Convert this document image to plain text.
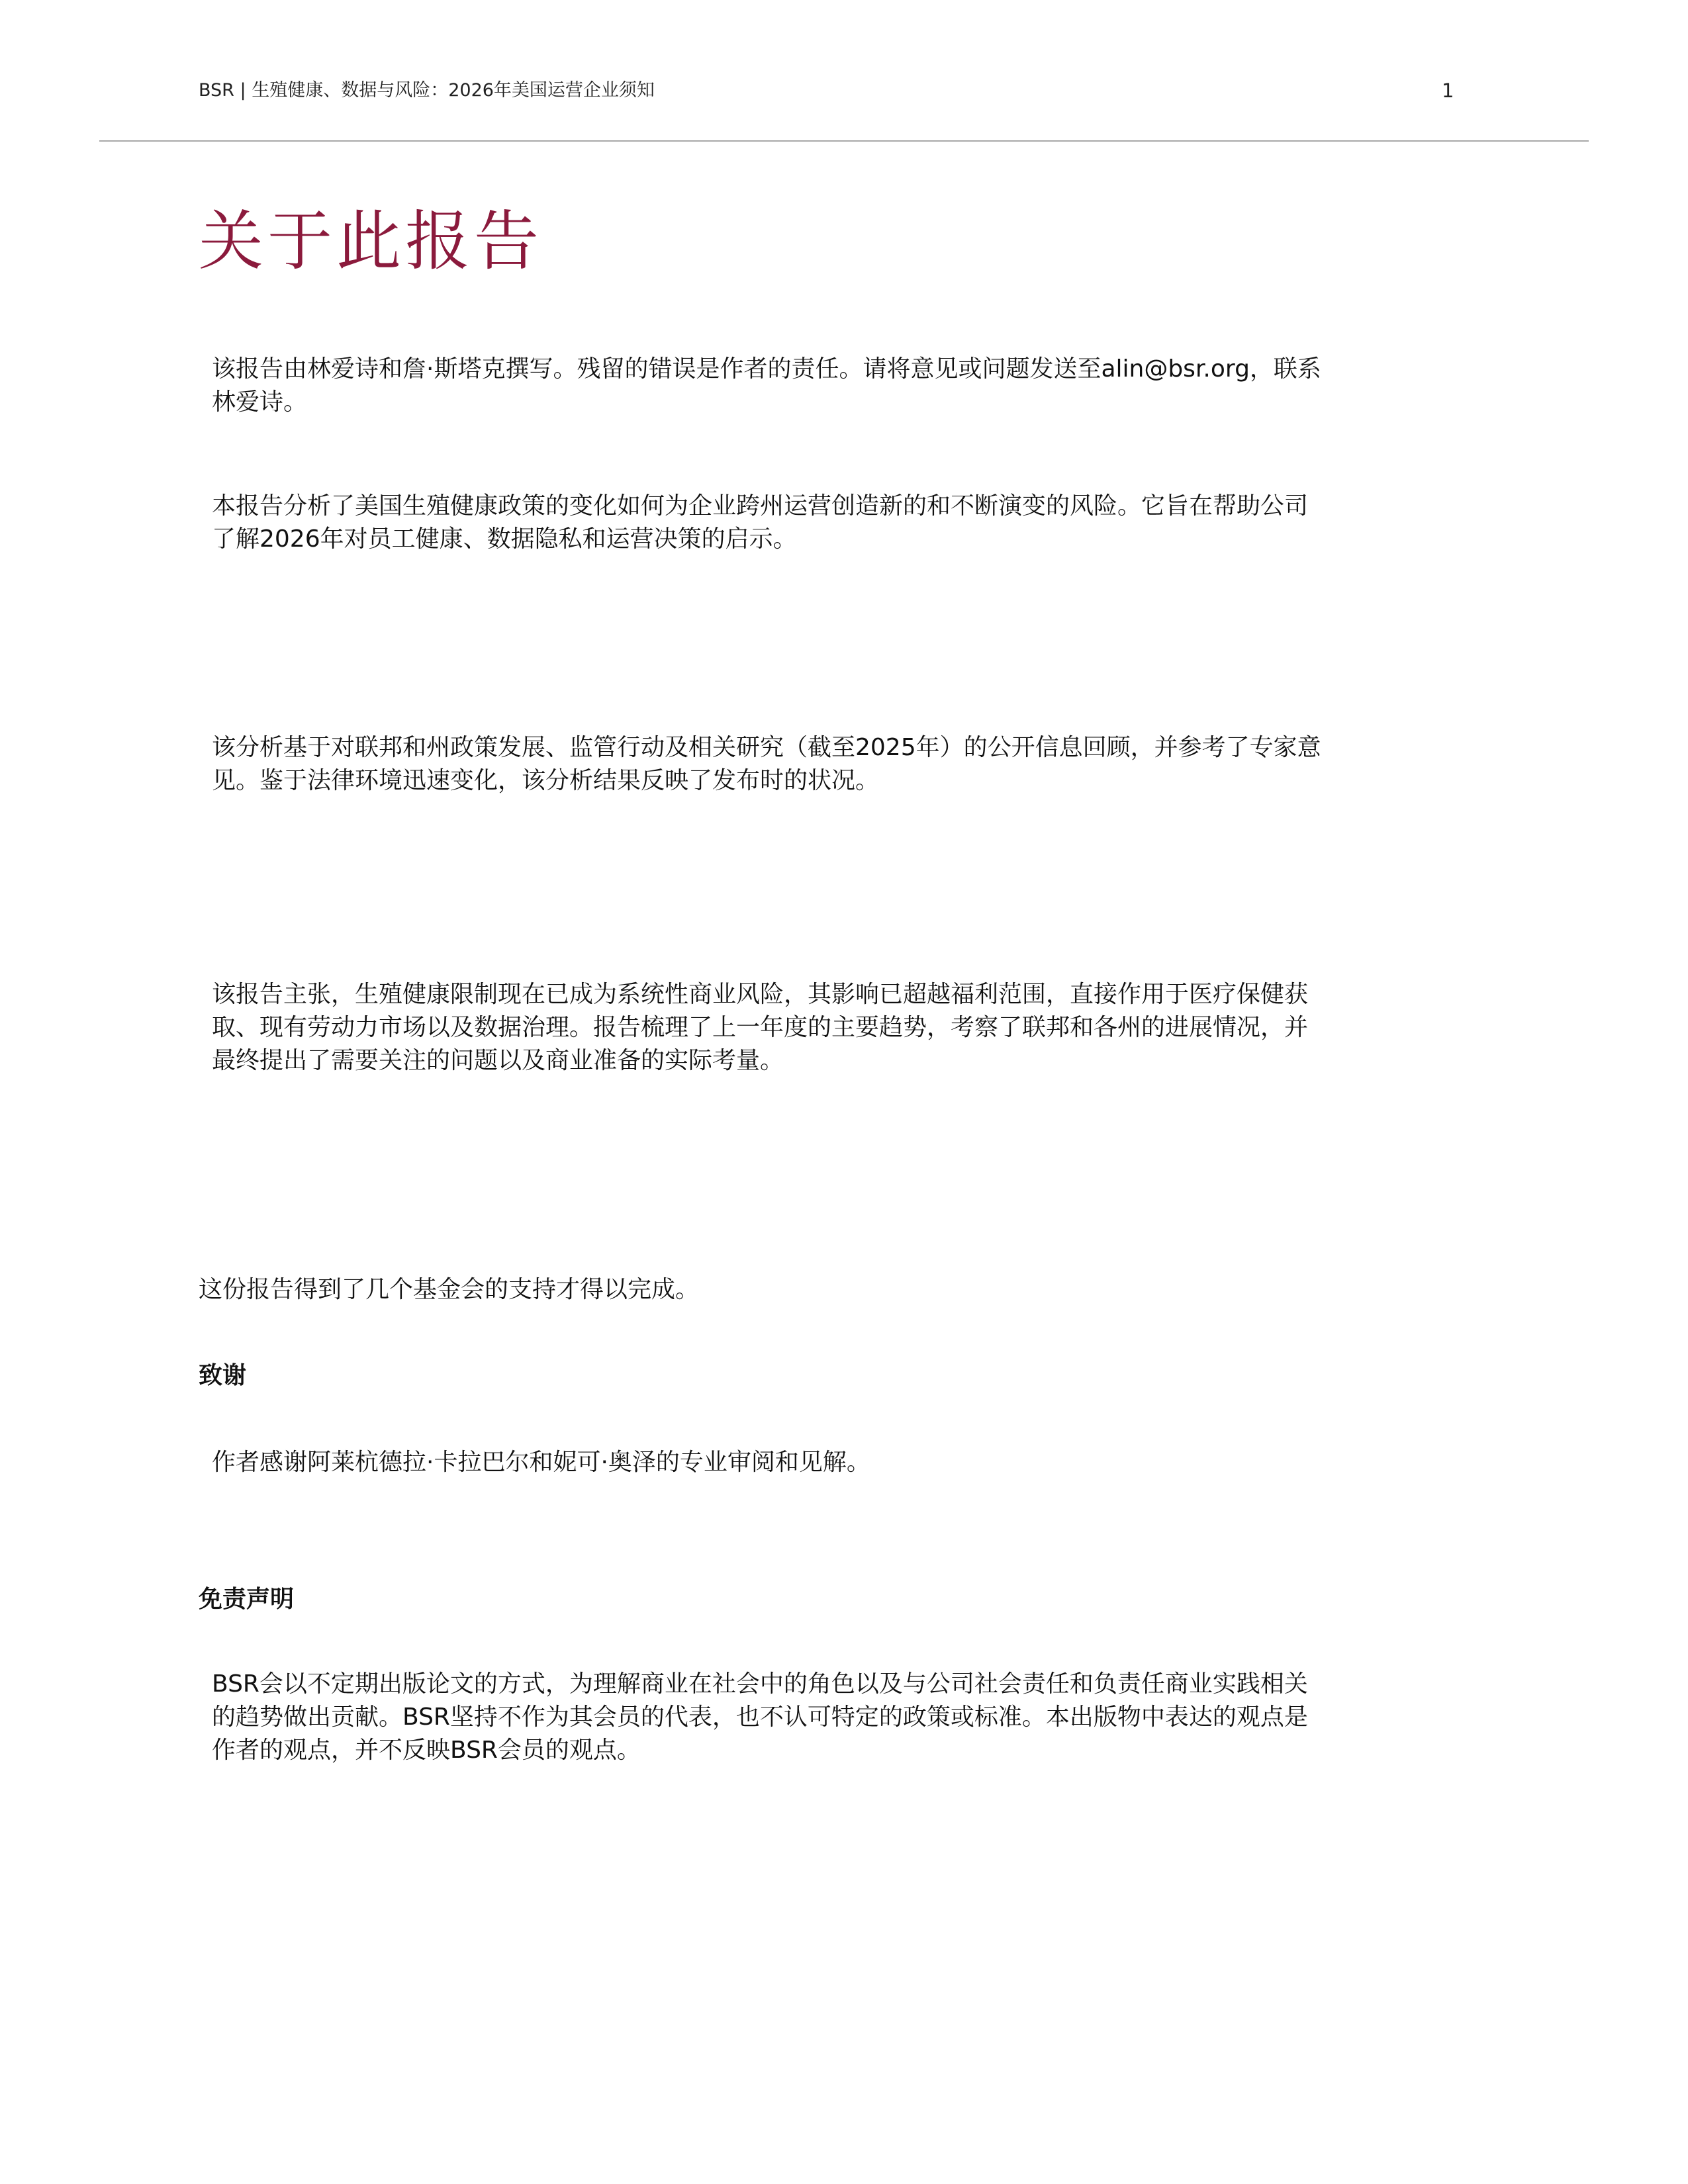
BSR | 生殖健康、数据与风险：2026年美国运营企业须知	1
关于此报告
该报告由林爱诗和詹·斯塔克撰写。残留的错误是作者的责任。请将意见或问题发送至alin@bsr.org，联系
林爱诗。
本报告分析了美国生殖健康政策的变化如何为企业跨州运营创造新的和不断演变的风险。它旨在帮助公司
了解2026年对员工健康、数据隐私和运营决策的启示。
该分析基于对联邦和州政策发展、监管行动及相关研究（截至2025年）的公开信息回顾，并参考了专家意
见。鉴于法律环境迅速变化，该分析结果反映了发布时的状况。
该报告主张，生殖健康限制现在已成为系统性商业风险，其影响已超越福利范围，直接作用于医疗保健获
取、现有劳动力市场以及数据治理。报告梳理了上一年度的主要趋势，考察了联邦和各州的进展情况，并
最终提出了需要关注的问题以及商业准备的实际考量。
这份报告得到了几个基金会的支持才得以完成。
致谢
作者感谢阿莱杭德拉·卡拉巴尔和妮可·奥泽的专业审阅和见解。
免责声明
BSR会以不定期出版论文的方式，为理解商业在社会中的角色以及与公司社会责任和负责任商业实践相关
的趋势做出贡献。BSR坚持不作为其会员的代表，也不认可特定的政策或标准。本出版物中表达的观点是
作者的观点，并不反映BSR会员的观点。
